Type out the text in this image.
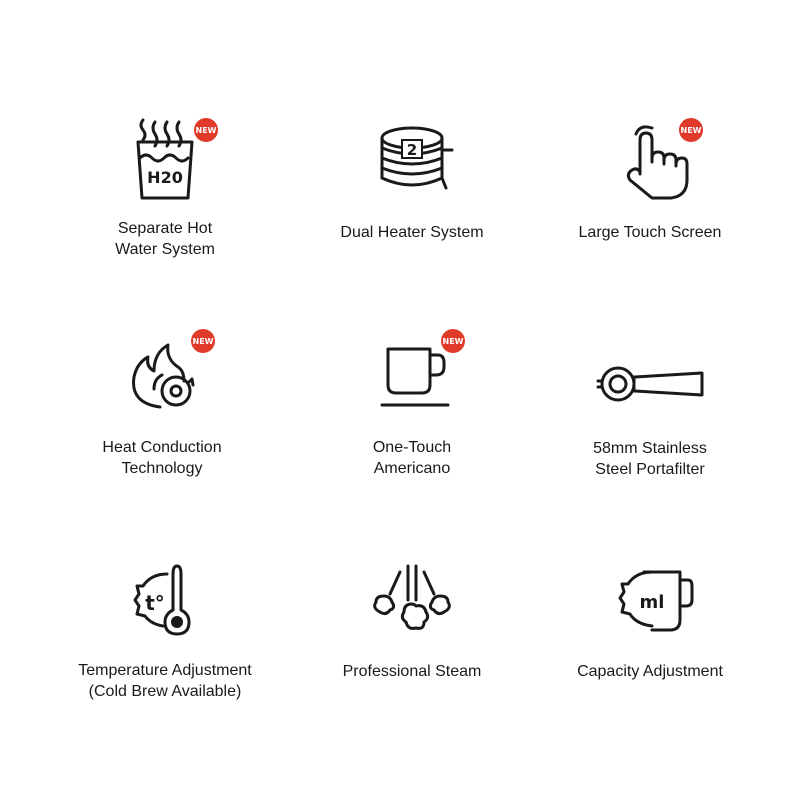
H20
NEW
Separate Hot
Water System
2
Dual Heater System
NEW
Large Touch Screen
NEW
Heat Conduction
Technology
NEW
One-Touch
Americano
58mm Stainless
Steel Portafilter
t°
Temperature Adjustment
(Cold Brew Available)
Professional Steam
ml
Capacity Adjustment
